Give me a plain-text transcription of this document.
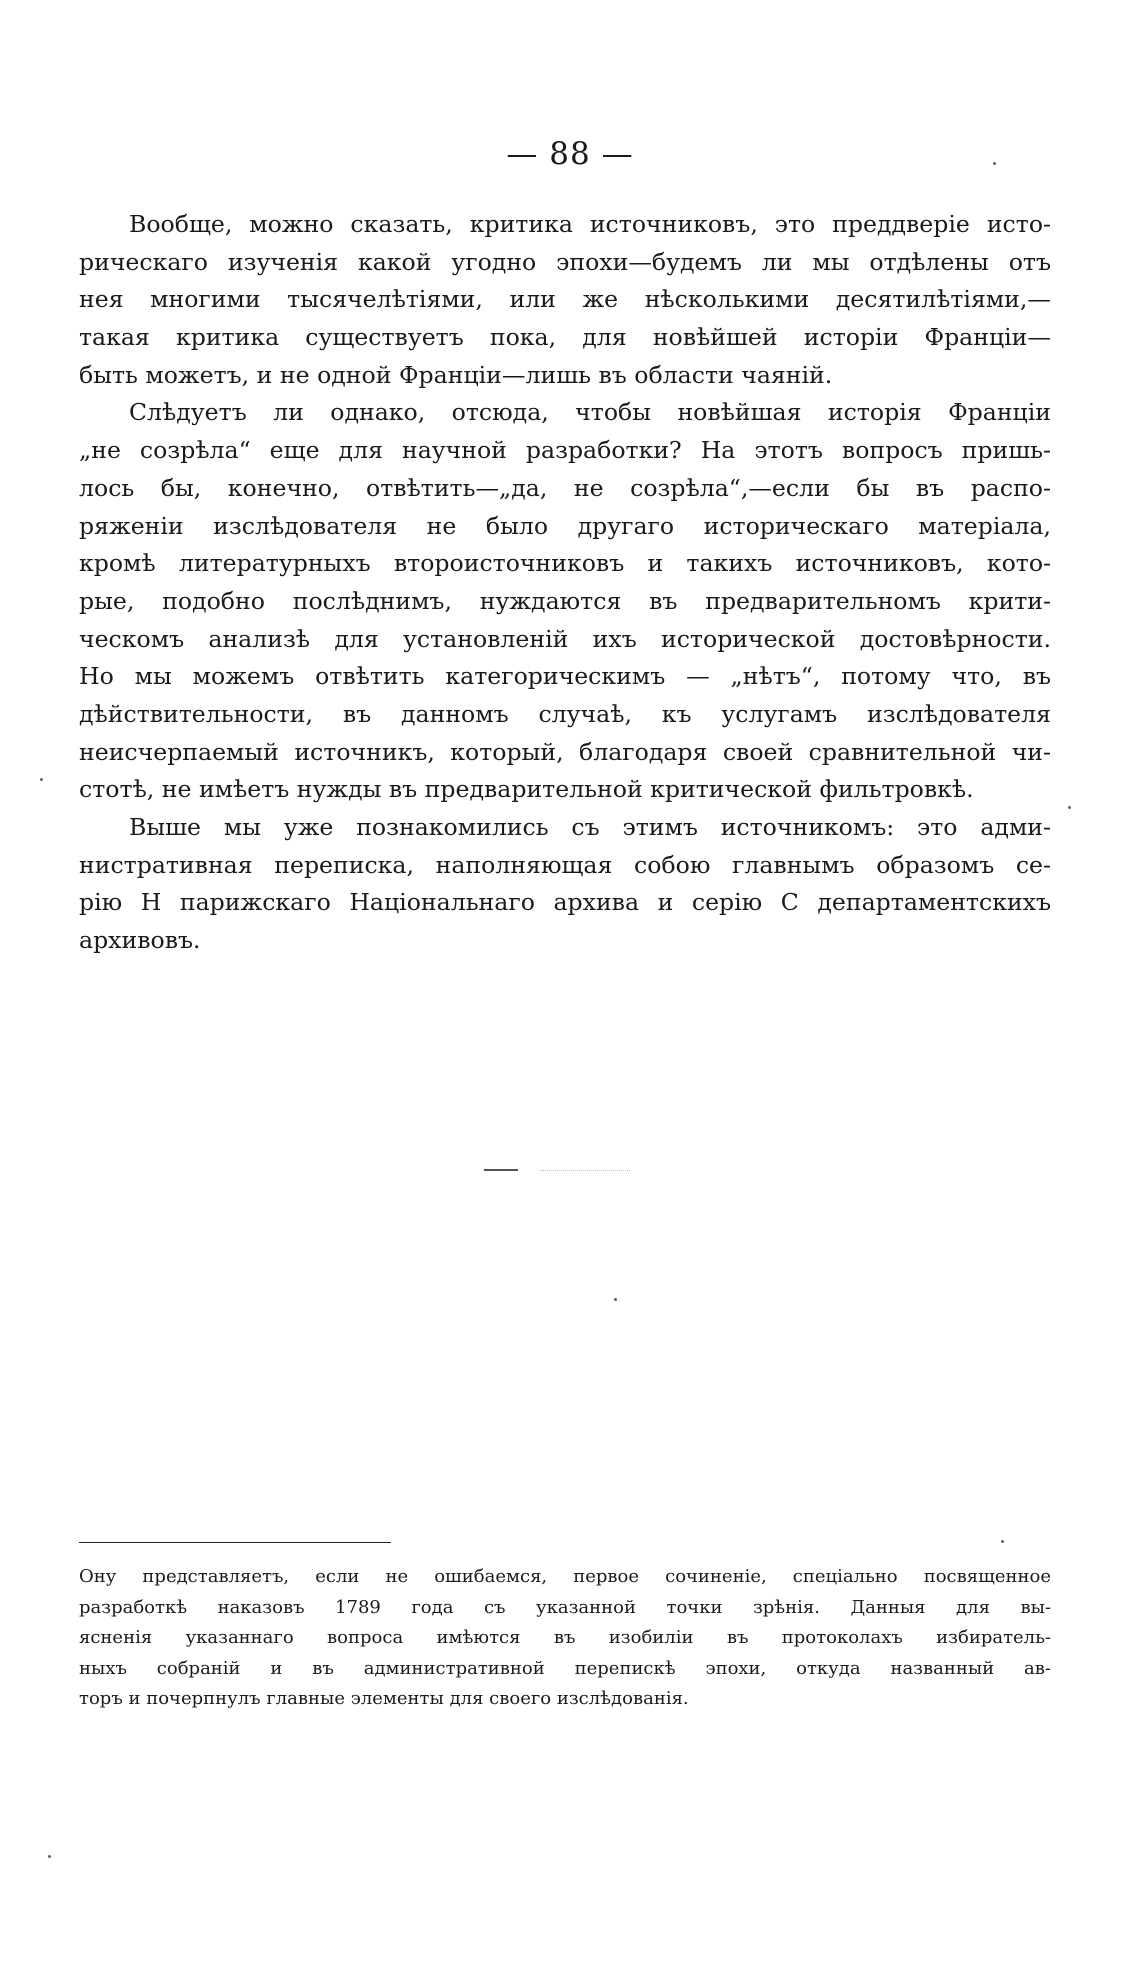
— 88 —
Вообще, можно сказать, критика источниковъ, это преддверіе исто-
рическаго изученія какой угодно эпохи—будемъ ли мы отдѣлены отъ
нея многими тысячелѣтіями, или же нѣсколькими десятилѣтіями,—
такая критика существуетъ пока, для новѣйшей исторіи Франціи—
быть можетъ, и не одной Франціи—лишь въ области чаяній.
Слѣдуетъ ли однако, отсюда, чтобы новѣйшая исторія Франціи
„не созрѣла“ еще для научной разработки? На этотъ вопросъ пришь-
лось бы, конечно, отвѣтить—„да, не созрѣла“,—если бы въ распо-
ряженіи изслѣдователя не было другаго историческаго матеріала,
кромѣ литературныхъ второисточниковъ и такихъ источниковъ, кото-
рые, подобно послѣднимъ, нуждаются въ предварительномъ крити-
ческомъ анализѣ для установленій ихъ исторической достовѣрности.
Но мы можемъ отвѣтить категорическимъ — „нѣтъ“, потому что, въ
дѣйствительности, въ данномъ случаѣ, къ услугамъ изслѣдователя
неисчерпаемый источникъ, который, благодаря своей сравнительной чи-
стотѣ, не имѣетъ нужды въ предварительной критической фильтровкѣ.
Выше мы уже познакомились съ этимъ источникомъ: это адми-
нистративная переписка, наполняющая собою главнымъ образомъ се-
рію H парижскаго Національнаго архива и серію C департаментскихъ
архивовъ.
Ону представляетъ, если не ошибаемся, первое сочиненіе, спеціально посвященное
разработкѣ наказовъ 1789 года съ указанной точки зрѣнія. Данныя для вы-
ясненія указаннаго вопроса имѣются въ изобиліи въ протоколахъ избиратель-
ныхъ собраній и въ административной перепискѣ эпохи, откуда названный ав-
торъ и почерпнулъ главные элементы для своего изслѣдованія.
